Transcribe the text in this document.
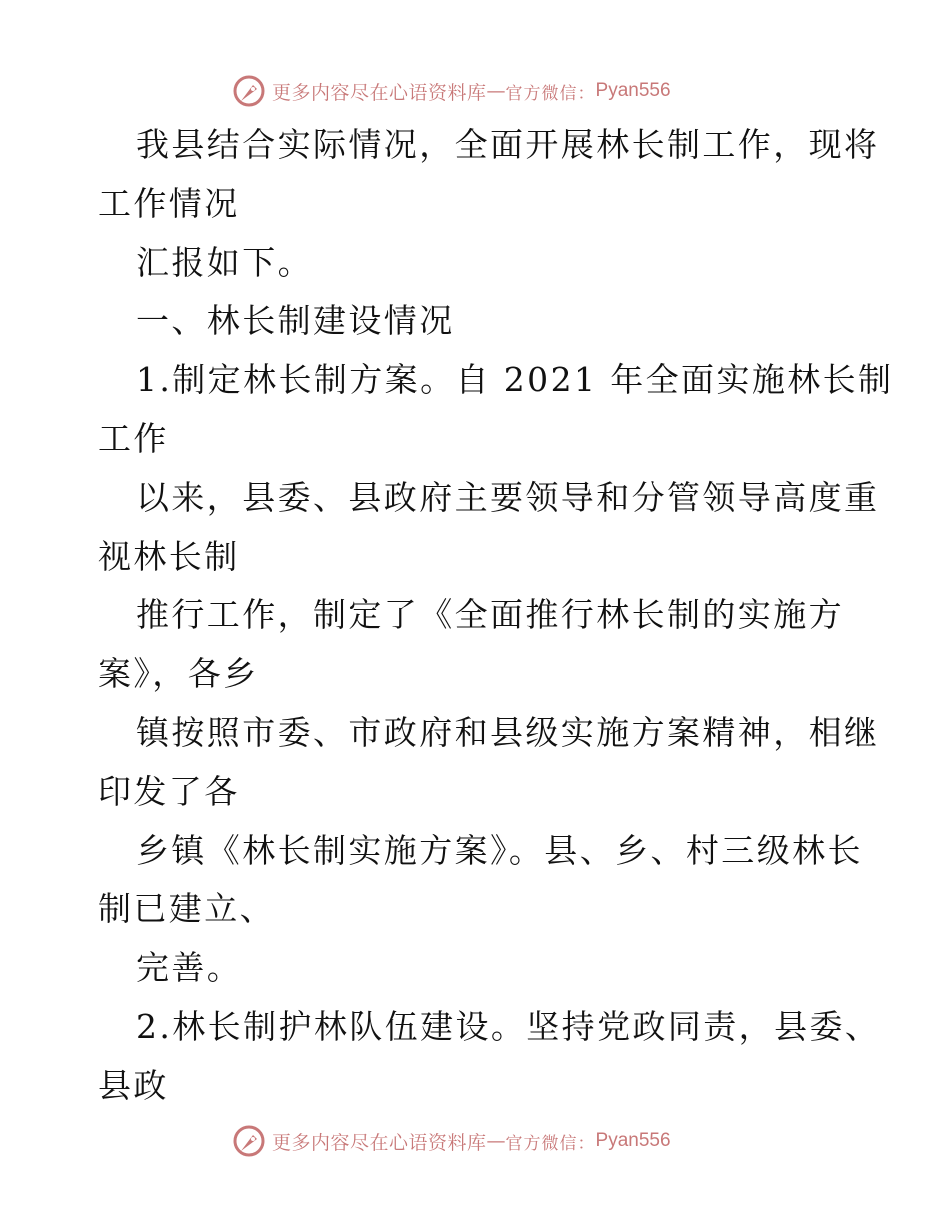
更多内容尽在心语资料库 — 官方微信： Pyan556
我县结合实际情况，全面开展林长制工作，现将
工作情况
汇报如下。
一、林长制建设情况
1.制定林长制方案。自 2021 年全面实施林长制
工作
以来，县委、县政府主要领导和分管领导高度重
视林长制
推行工作，制定了《全面推行林长制的实施方
案》，各乡
镇按照市委、市政府和县级实施方案精神，相继
印发了各
乡镇《林长制实施方案》。县、乡、村三级林长
制已建立、
完善。
2.林长制护林队伍建设。坚持党政同责，县委、
县政
更多内容尽在心语资料库 — 官方微信： Pyan556
